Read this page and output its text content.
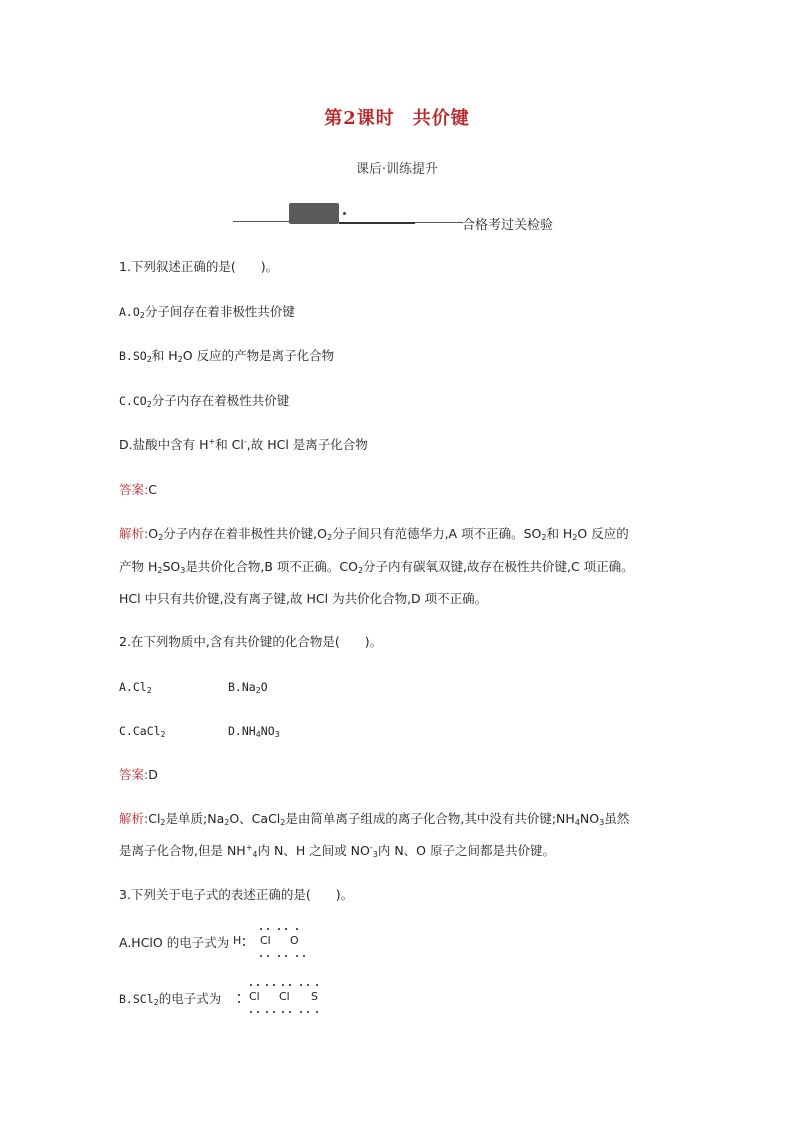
第2课时 共价键
课后·训练提升
合格考过关检验
1.下列叙述正确的是(　　)。
$A.O_2$分子间存在着非极性共价键
$B.SO_2$和 $H_2O$ 反应的产物是离子化合物
$C.CO_2$分子内存在着极性共价键
D.盐酸中含有 H+和 Cl-,故 HCl 是离子化合物
答案:C
解析$:O_2$分子内存在着非极性共价键$,O_2$分子间只有范德华力,A 项不正确。$SO_2$和 $H_2O$ 反应的
产物 $H_2SO_3$是共价化合物,B 项不正确。$CO_2$分子内有碳氧双键,故存在极性共价键,C 项正确。
HCl 中只有共价键,没有离子键,故 HCl 为共价化合物,D 项不正确。
2.在下列物质中,含有共价键的化合物是(　　)。
$A.Cl_2$	$B.Na_2O$
C.CaCl$_2$	$D.NH_4NO_3$
答案:D
解析$:Cl_2$是单质$;Na_2O$、CaCl$_2$是由简单离子组成的离子化合物,其中没有共价键$;NH_4NO_3$虽然
是离子化合物,但是 $NH^+_4$内 N、H 之间或 $NO^-_3$内 N、O 原子之间都是共价键。
3.下列关于电子式的表述正确的是(　　)。
A.HClO 的电子式为 H Cl O
B.SCl$_2$的电子式为	Cl Cl S
